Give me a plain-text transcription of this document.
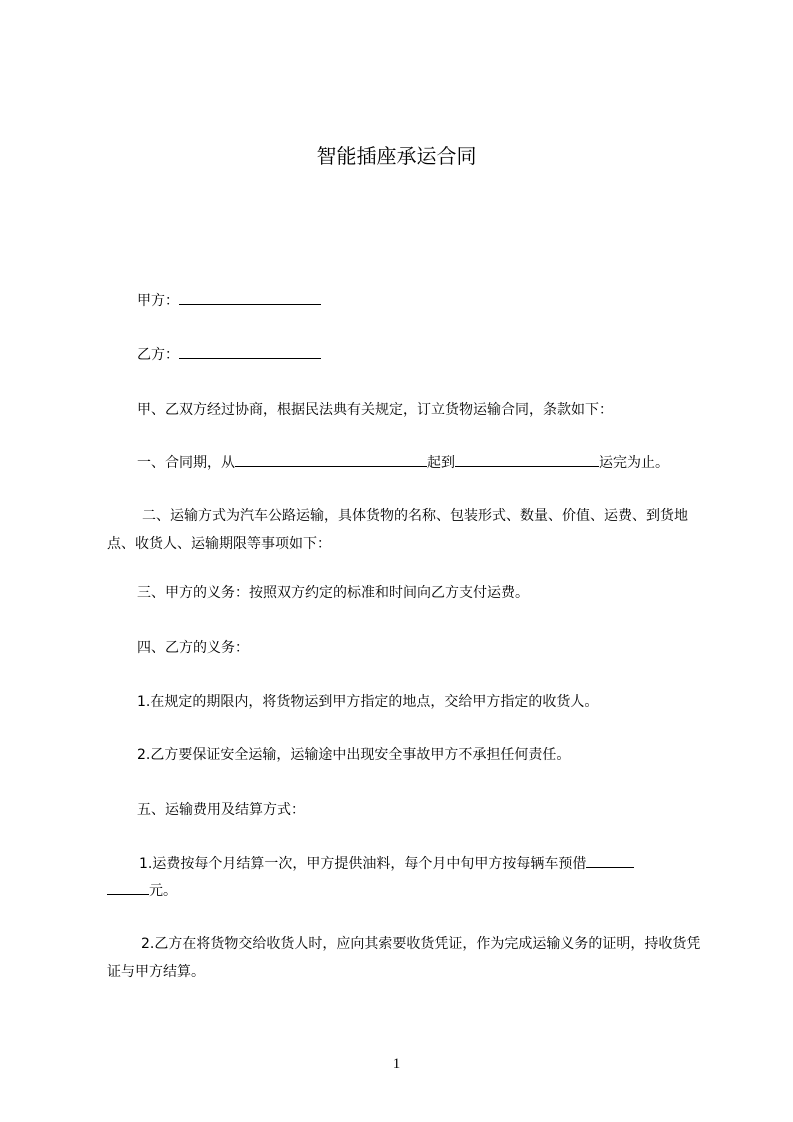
智能插座承运合同
甲方：
乙方：
甲、乙双方经过协商，根据民法典有关规定，订立货物运输合同，条款如下：
一、合同期，从	起到	运完为止。
二、运输方式为汽车公路运输，具体货物的名称、包装形式、数量、价值、运费、到货地点、收货人、运输期限等事项如下：
三、甲方的义务：按照双方约定的标准和时间向乙方支付运费。
四、乙方的义务：
1.在规定的期限内，将货物运到甲方指定的地点，交给甲方指定的收货人。
2.乙方要保证安全运输，运输途中出现安全事故甲方不承担任何责任。
五、运输费用及结算方式：
1.运费按每个月结算一次，甲方提供油料，每个月中旬甲方按每辆车预借
元。
2.乙方在将货物交给收货人时，应向其索要收货凭证，作为完成运输义务的证明，持收货凭证与甲方结算。
1
